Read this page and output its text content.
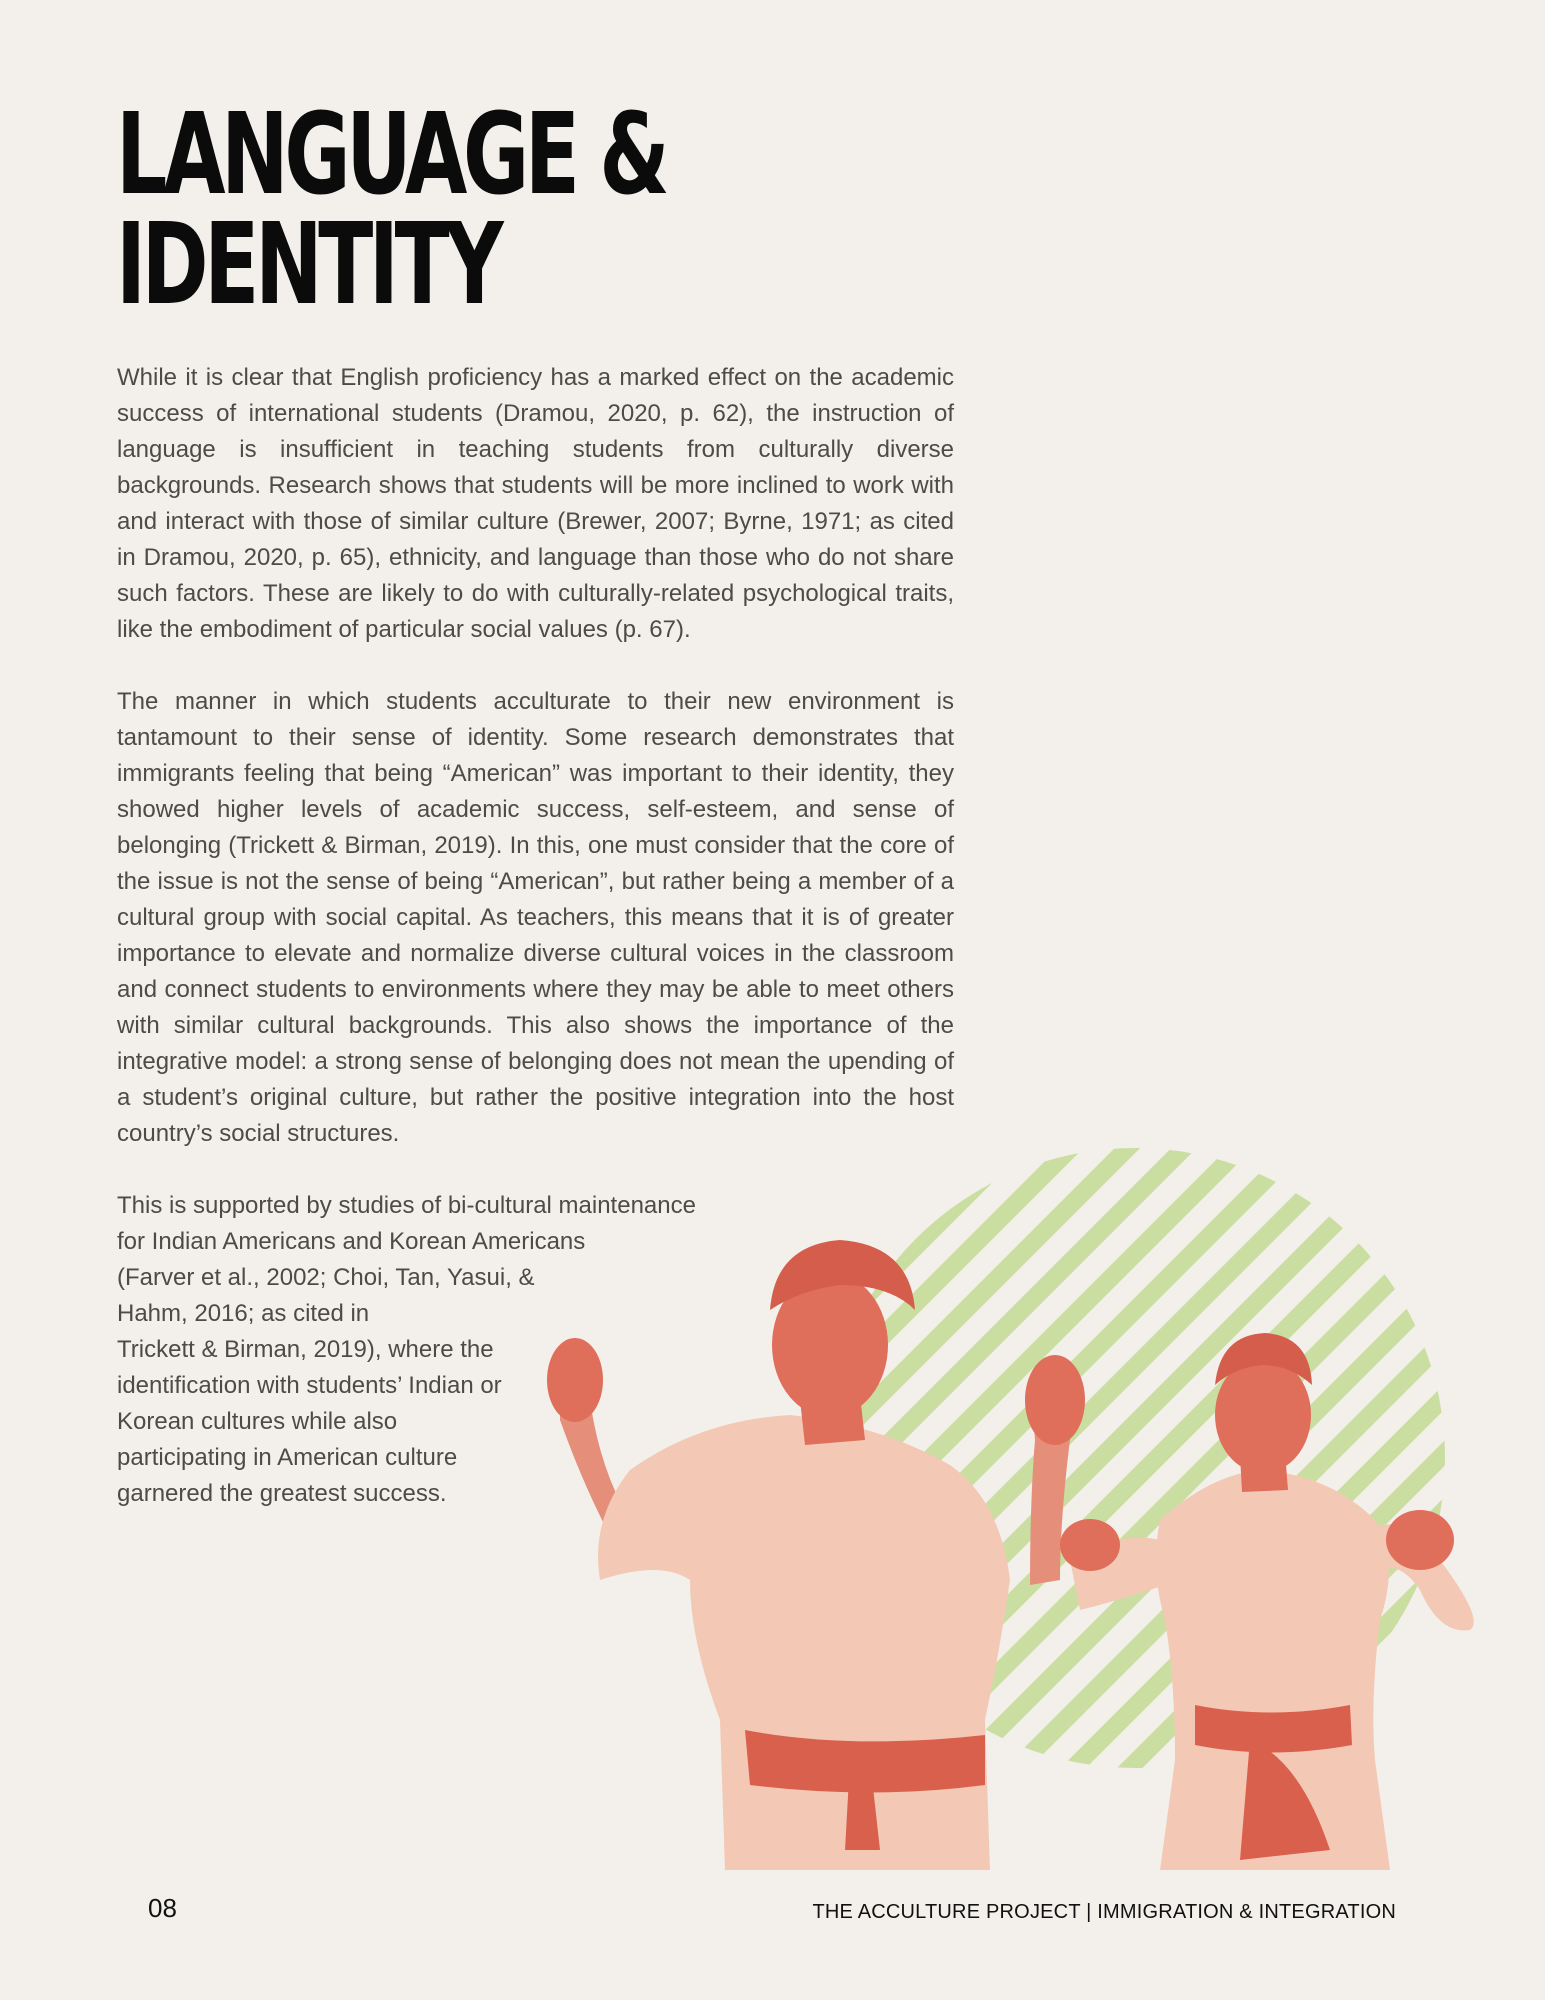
LANGUAGE &
IDENTITY

While it is clear that English proficiency has a marked effect on the academic success of international students (Dramou, 2020, p. 62), the instruction of language is insufficient in teaching students from culturally diverse backgrounds. Research shows that students will be more inclined to work with and interact with those of similar culture (Brewer, 2007; Byrne, 1971; as cited in Dramou, 2020, p. 65), ethnicity, and language than those who do not share such factors. These are likely to do with culturally-related psychological traits, like the embodiment of particular social values (p. 67).

The manner in which students acculturate to their new environment is tantamount to their sense of identity. Some research demonstrates that immigrants feeling that being “American” was important to their identity, they showed higher levels of academic success, self-esteem, and sense of belonging (Trickett & Birman, 2019). In this, one must consider that the core of the issue is not the sense of being “American”, but rather being a member of a cultural group with social capital. As teachers, this means that it is of greater importance to elevate and normalize diverse cultural voices in the classroom and connect students to environments where they may be able to meet others with similar cultural backgrounds. This also shows the importance of the integrative model: a strong sense of belonging does not mean the upending of a student’s original culture, but rather the positive integration into the host country’s social structures.

This is supported by studies of bi-cultural maintenance
for Indian Americans and Korean Americans
(Farver et al., 2002; Choi, Tan, Yasui, &
Hahm, 2016; as cited in
Trickett & Birman, 2019), where the
identification with students’ Indian or
Korean cultures while also
participating in American culture
garnered the greatest success.
08	THE ACCULTURE PROJECT | IMMIGRATION & INTEGRATION
